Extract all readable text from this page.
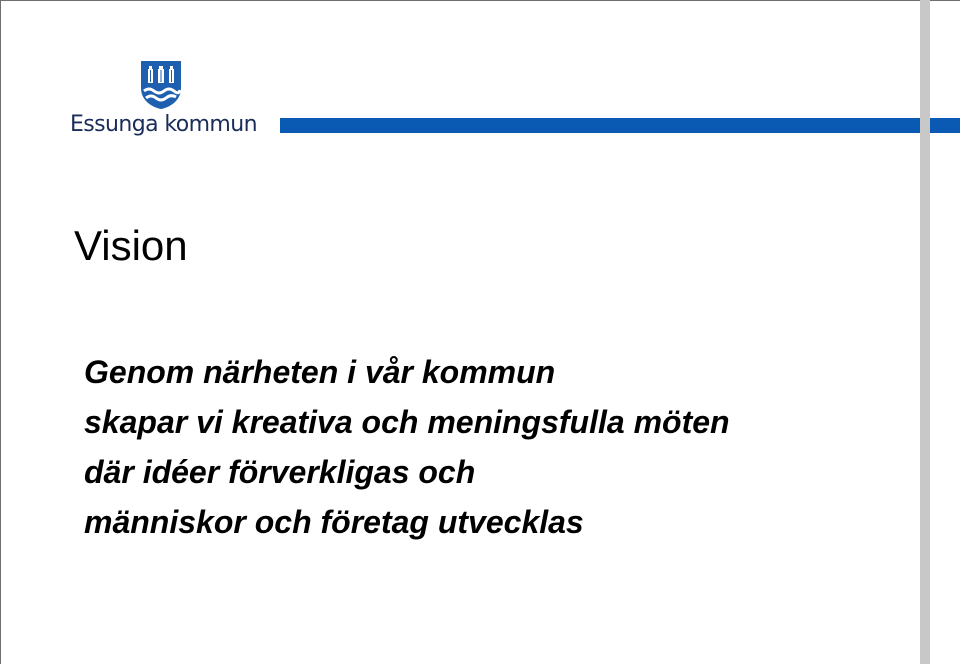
Essunga kommun
Vision
Genom närheten i vår kommun
skapar vi kreativa och meningsfulla möten
där idéer förverkligas och
människor och företag utvecklas
